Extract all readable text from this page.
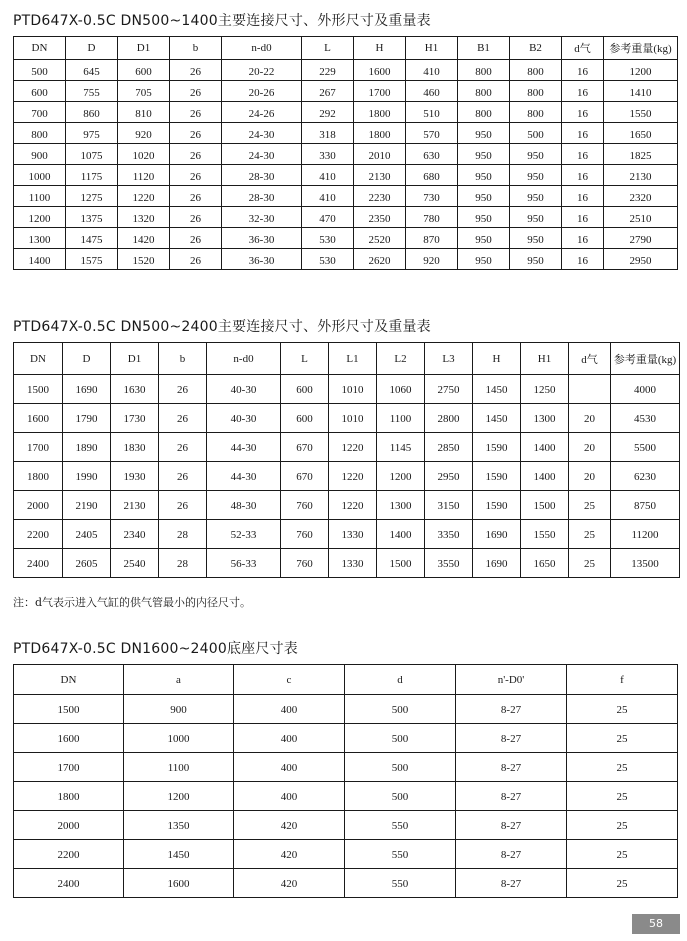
PTD647X-0.5C DN500~1400主要连接尺寸、外形尺寸及重量表
DN	D	D1	b	n-d0	L	H	H1	B1	B2	d气	参考重量(kg)
500	645	600	26	20-22	229	1600	410	800	800	16	1200
600	755	705	26	20-26	267	1700	460	800	800	16	1410
700	860	810	26	24-26	292	1800	510	800	800	16	1550
800	975	920	26	24-30	318	1800	570	950	500	16	1650
900	1075	1020	26	24-30	330	2010	630	950	950	16	1825
1000	1175	1120	26	28-30	410	2130	680	950	950	16	2130
1100	1275	1220	26	28-30	410	2230	730	950	950	16	2320
1200	1375	1320	26	32-30	470	2350	780	950	950	16	2510
1300	1475	1420	26	36-30	530	2520	870	950	950	16	2790
1400	1575	1520	26	36-30	530	2620	920	950	950	16	2950
PTD647X-0.5C DN500~2400主要连接尺寸、外形尺寸及重量表
DN	D	D1	b	n-d0	L	L1	L2	L3	H	H1	d气	参考重量(kg)
1500	1690	1630	26	40-30	600	1010	1060	2750	1450	1250		4000
1600	1790	1730	26	40-30	600	1010	1100	2800	1450	1300	20	4530
1700	1890	1830	26	44-30	670	1220	1145	2850	1590	1400	20	5500
1800	1990	1930	26	44-30	670	1220	1200	2950	1590	1400	20	6230
2000	2190	2130	26	48-30	760	1220	1300	3150	1590	1500	25	8750
2200	2405	2340	28	52-33	760	1330	1400	3350	1690	1550	25	11200
2400	2605	2540	28	56-33	760	1330	1500	3550	1690	1650	25	13500
注：d气表示进入气缸的供气管最小的内径尺寸。
PTD647X-0.5C DN1600~2400底座尺寸表
DN	a	c	d	n'-D0'	f
1500	900	400	500	8-27	25
1600	1000	400	500	8-27	25
1700	1100	400	500	8-27	25
1800	1200	400	500	8-27	25
2000	1350	420	550	8-27	25
2200	1450	420	550	8-27	25
2400	1600	420	550	8-27	25
58
